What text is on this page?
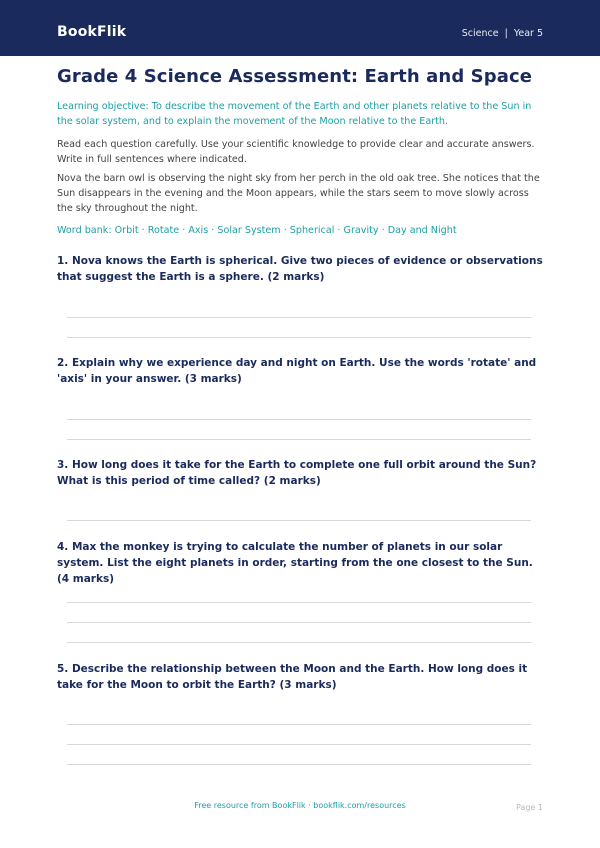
BookFlik	Science | Year 5
Grade 4 Science Assessment: Earth and Space
Learning objective: To describe the movement of the Earth and other planets relative to the Sun in the solar system, and to explain the movement of the Moon relative to the Earth.
Read each question carefully. Use your scientific knowledge to provide clear and accurate answers. Write in full sentences where indicated.
Nova the barn owl is observing the night sky from her perch in the old oak tree. She notices that the Sun disappears in the evening and the Moon appears, while the stars seem to move slowly across the sky throughout the night.
Word bank: Orbit · Rotate · Axis · Solar System · Spherical · Gravity · Day and Night
1. Nova knows the Earth is spherical. Give two pieces of evidence or observations that suggest the Earth is a sphere. (2 marks)
2. Explain why we experience day and night on Earth. Use the words 'rotate' and 'axis' in your answer. (3 marks)
3. How long does it take for the Earth to complete one full orbit around the Sun? What is this period of time called? (2 marks)
4. Max the monkey is trying to calculate the number of planets in our solar system. List the eight planets in order, starting from the one closest to the Sun. (4 marks)
5. Describe the relationship between the Moon and the Earth. How long does it take for the Moon to orbit the Earth? (3 marks)
Free resource from BookFlik · bookflik.com/resources	Page 1
